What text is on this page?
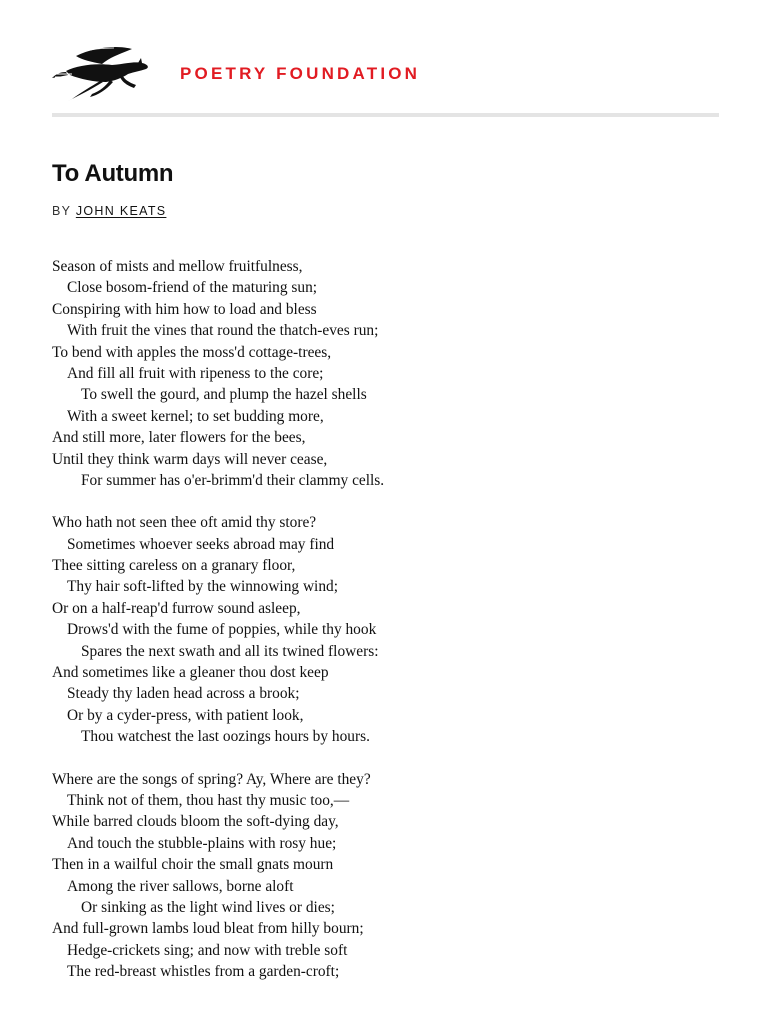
POETRY FOUNDATION
To Autumn
BY JOHN KEATS
Season of mists and mellow fruitfulness,
Close bosom-friend of the maturing sun;
Conspiring with him how to load and bless
With fruit the vines that round the thatch-eves run;
To bend with apples the moss'd cottage-trees,
And fill all fruit with ripeness to the core;
To swell the gourd, and plump the hazel shells
With a sweet kernel; to set budding more,
And still more, later flowers for the bees,
Until they think warm days will never cease,
For summer has o'er-brimm'd their clammy cells.
Who hath not seen thee oft amid thy store?
Sometimes whoever seeks abroad may find
Thee sitting careless on a granary floor,
Thy hair soft-lifted by the winnowing wind;
Or on a half-reap'd furrow sound asleep,
Drows'd with the fume of poppies, while thy hook
Spares the next swath and all its twined flowers:
And sometimes like a gleaner thou dost keep
Steady thy laden head across a brook;
Or by a cyder-press, with patient look,
Thou watchest the last oozings hours by hours.
Where are the songs of spring? Ay, Where are they?
Think not of them, thou hast thy music too,—
While barred clouds bloom the soft-dying day,
And touch the stubble-plains with rosy hue;
Then in a wailful choir the small gnats mourn
Among the river sallows, borne aloft
Or sinking as the light wind lives or dies;
And full-grown lambs loud bleat from hilly bourn;
Hedge-crickets sing; and now with treble soft
The red-breast whistles from a garden-croft;
